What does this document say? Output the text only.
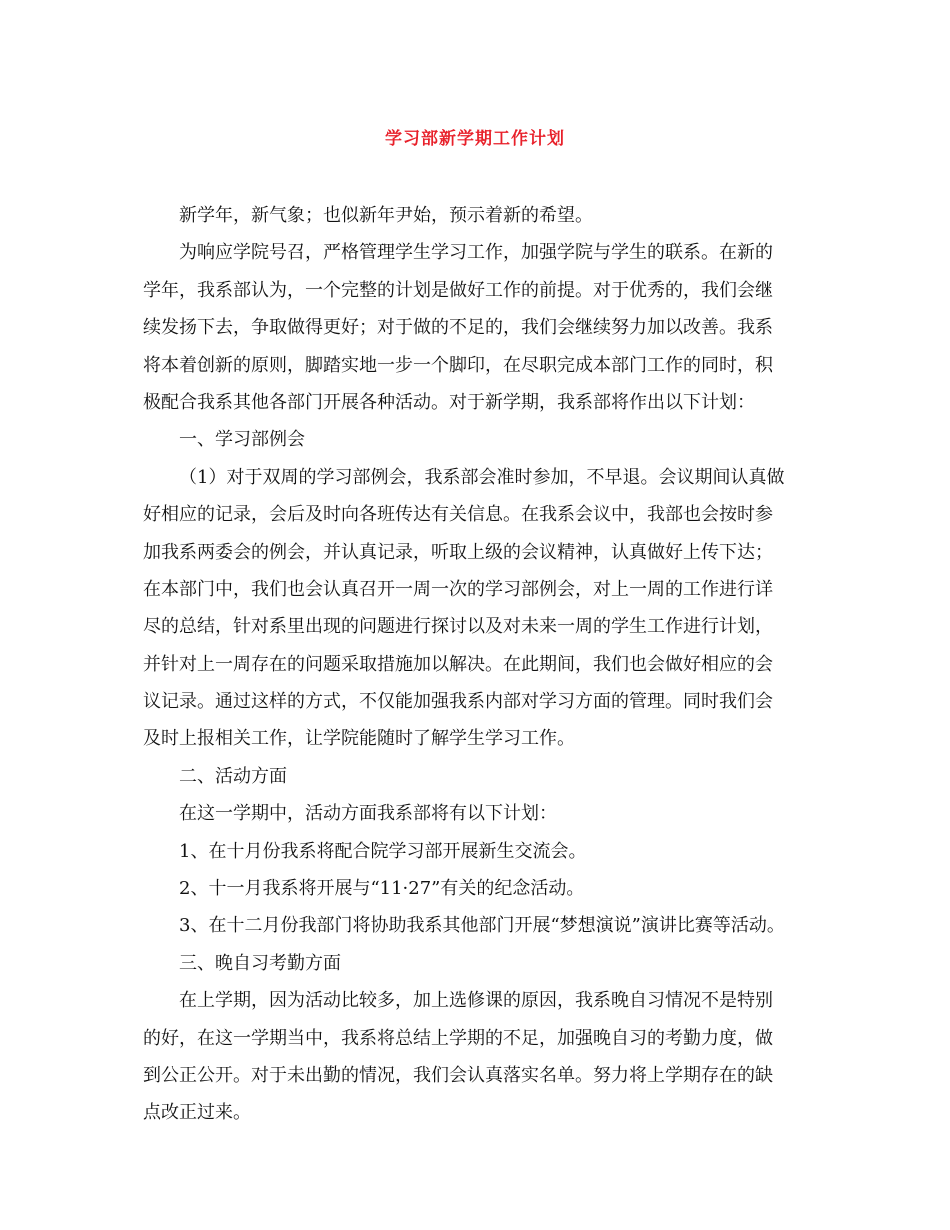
学习部新学期工作计划
新学年，新气象；也似新年尹始，预示着新的希望。
为响应学院号召，严格管理学生学习工作，加强学院与学生的联系。在新的
学年，我系部认为，一个完整的计划是做好工作的前提。对于优秀的，我们会继
续发扬下去，争取做得更好；对于做的不足的，我们会继续努力加以改善。我系
将本着创新的原则，脚踏实地一步一个脚印，在尽职完成本部门工作的同时，积
极配合我系其他各部门开展各种活动。对于新学期，我系部将作出以下计划：
一、学习部例会
（1）对于双周的学习部例会，我系部会准时参加，不早退。会议期间认真做
好相应的记录，会后及时向各班传达有关信息。在我系会议中，我部也会按时参
加我系两委会的例会，并认真记录，听取上级的会议精神，认真做好上传下达；
在本部门中，我们也会认真召开一周一次的学习部例会，对上一周的工作进行详
尽的总结，针对系里出现的问题进行探讨以及对未来一周的学生工作进行计划，
并针对上一周存在的问题采取措施加以解决。在此期间，我们也会做好相应的会
议记录。通过这样的方式，不仅能加强我系内部对学习方面的管理。同时我们会
及时上报相关工作，让学院能随时了解学生学习工作。
二、活动方面
在这一学期中，活动方面我系部将有以下计划：
1、在十月份我系将配合院学习部开展新生交流会。
2、十一月我系将开展与“11·27”有关的纪念活动。
3、在十二月份我部门将协助我系其他部门开展“梦想演说”演讲比赛等活动。
三、晚自习考勤方面
在上学期，因为活动比较多，加上选修课的原因，我系晚自习情况不是特别
的好，在这一学期当中，我系将总结上学期的不足，加强晚自习的考勤力度，做
到公正公开。对于未出勤的情况，我们会认真落实名单。努力将上学期存在的缺
点改正过来。
